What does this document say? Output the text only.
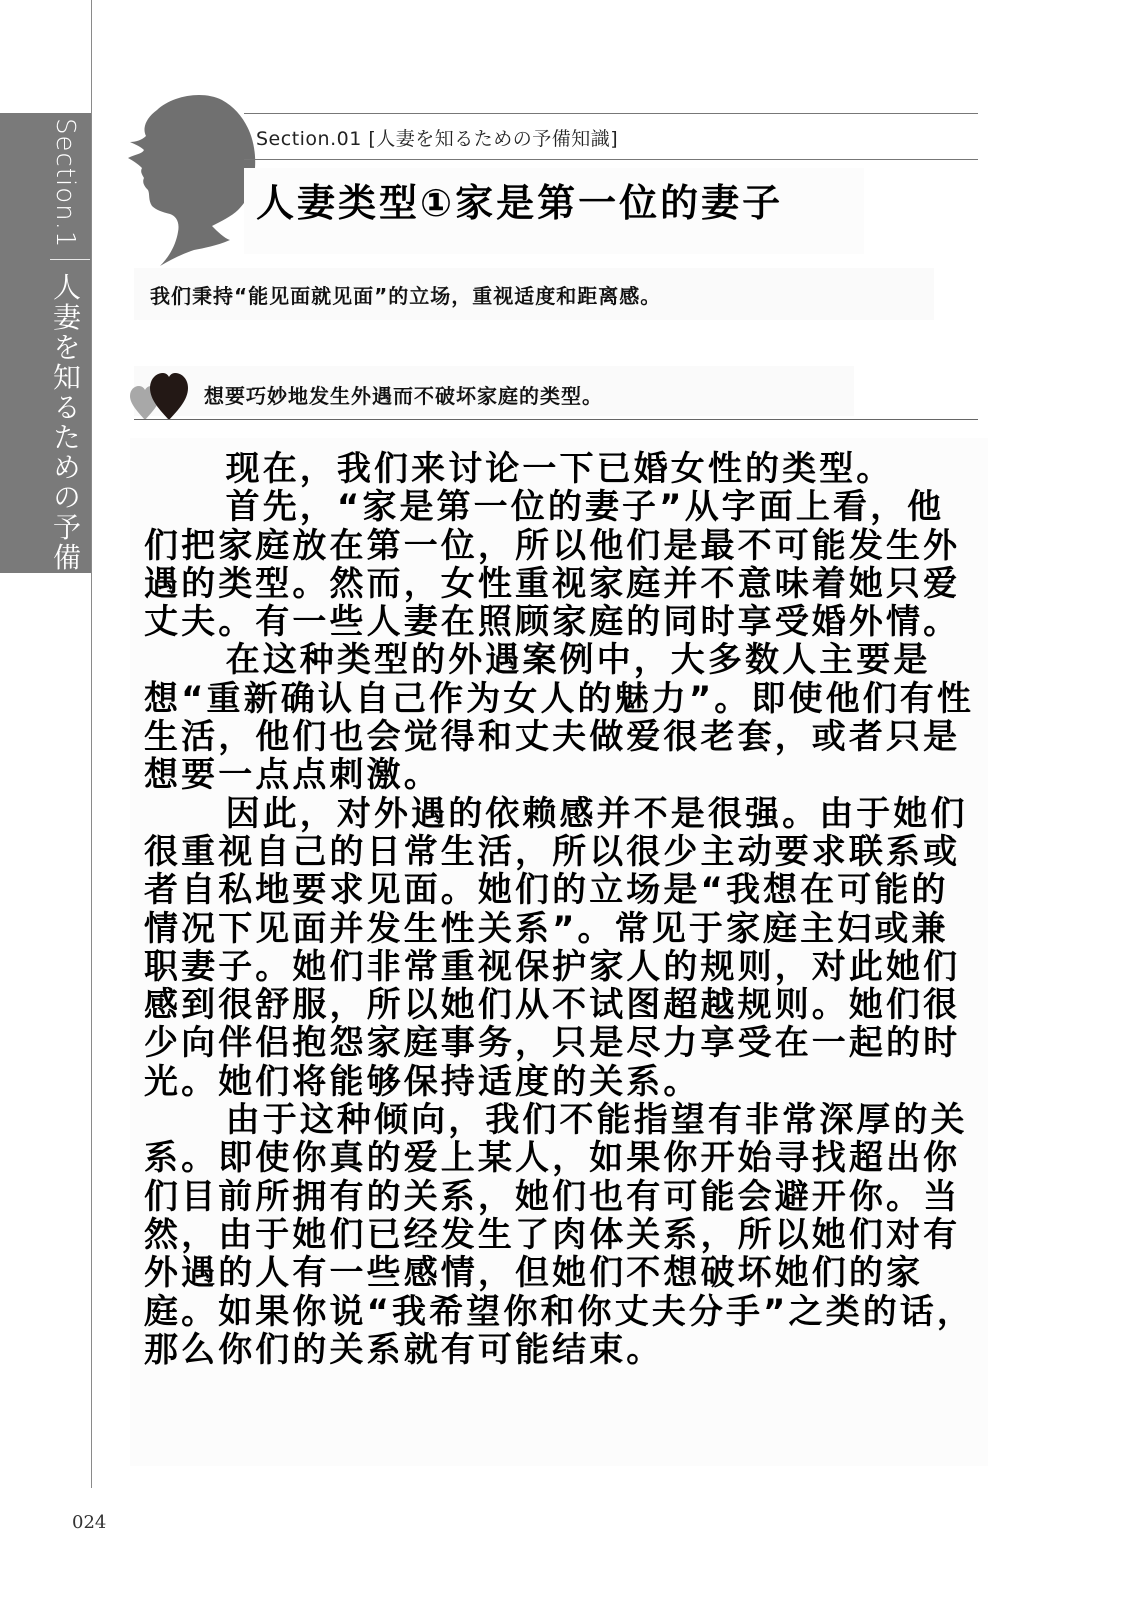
Section.1人妻を知るための予備知識
Section.01 [人妻を知るための予備知識]
人妻类型①家是第一位的妻子
我们秉持“能见面就见面”的立场，重视适度和距离感。
想要巧妙地发生外遇而不破坏家庭的类型。

现在，我们来讨论一下已婚女性的类型。

首先，“家是第一位的妻子”从字面上看，他们把家庭放在第一位，所以他们是最不可能发生外遇的类型。然而，女性重视家庭并不意味着她只爱丈夫。有一些人妻在照顾家庭的同时享受婚外情。

在这种类型的外遇案例中，大多数人主要是想“重新确认自己作为女人的魅力”。即使他们有性生活，他们也会觉得和丈夫做爱很老套，或者只是想要一点点刺激。

因此，对外遇的依赖感并不是很强。由于她们很重视自己的日常生活，所以很少主动要求联系或者自私地要求见面。她们的立场是“我想在可能的情况下见面并发生性关系”。常见于家庭主妇或兼职妻子。她们非常重视保护家人的规则，对此她们感到很舒服，所以她们从不试图超越规则。她们很少向伴侣抱怨家庭事务，只是尽力享受在一起的时光。她们将能够保持适度的关系。

由于这种倾向，我们不能指望有非常深厚的关系。即使你真的爱上某人，如果你开始寻找超出你们目前所拥有的关系，她们也有可能会避开你。当然，由于她们已经发生了肉体关系，所以她们对有外遇的人有一些感情，但她们不想破坏她们的家庭。如果你说“我希望你和你丈夫分手”之类的话，那么你们的关系就有可能结束。

024
